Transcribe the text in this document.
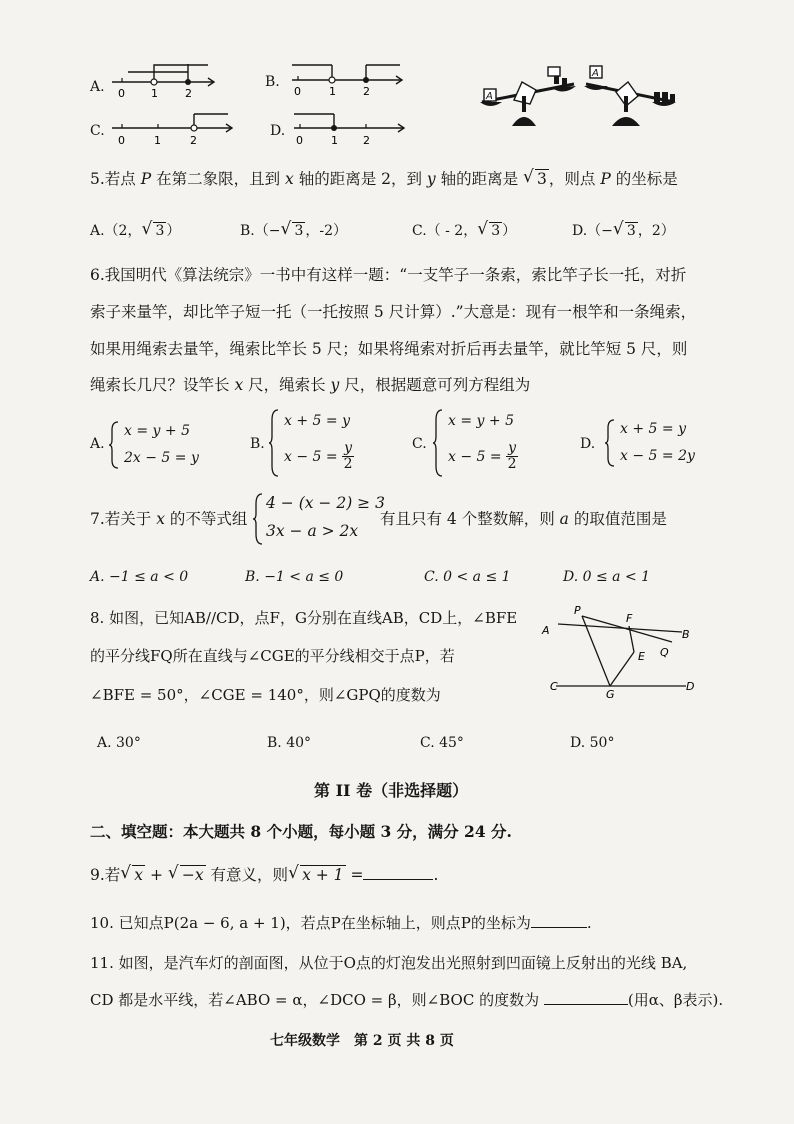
A. 0 1 2
B.
0	1 2
C.
0	1	2
D.
0	1 2
A
A
5.若点 P 在第二象限，且到 x 轴的距离是 2，到 y 轴的距离是 √ 3 ，则点 P 的坐标是
A.（2， √ 3 ）	B.（− √ 3 ，-2）	C.（ - 2， √ 3 ）	D.（− √ 3 ，2）
6.我国明代《算法统宗》一书中有这样一题：“一支竿子一条索，索比竿子长一托，对折
索子来量竿，却比竿子短一托（一托按照 5 尺计算）.”大意是：现有一根竿和一条绳索，
如果用绳索去量竿，绳索比竿长 5 尺；如果将绳索对折后再去量竿，就比竿短 5 尺，则
绳索长几尺？设竿长 x 尺，绳索长 y 尺，根据题意可列方程组为
A.
x = y + 5
2x − 5 = y
B.
x + 5 = y
$x - 5 = \frac{y}{2}$	C.
x = y + 5
$x - 5 = \frac{y}{2}$	D.
x + 5 = y
x − 5 = 2y
7.若关于 x 的不等式组
4 − (x − 2) ≥ 3
3x − a > 2x
有且只有 4 个整数解，则 a 的取值范围是
A. −1 ≤ a < 0	B. −1 < a ≤ 0	C. 0 < a ≤ 1	D. 0 ≤ a < 1
8. 如图，已知AB//CD，点F，G分别在直线AB，CD上，∠BFE
的平分线FQ所在直线与∠CGE的平分线相交于点P，若
∠BFE = 50°，∠CGE = 140°，则∠GPQ的度数为
P
A
F
B
E Q
C
G
D
A. 30°	B. 40°	C. 45°	D. 50°
第 II 卷（非选择题）
二、填空题：本大题共 8 个小题，每小题 3 分，满分 24 分.
9.若 √ x + √ −x 有意义，则 √ x + 1 =	.
10. 已知点P(2a − 6, a + 1)，若点P在坐标轴上，则点P的坐标为	.
11. 如图，是汽车灯的剖面图，从位于O点的灯泡发出光照射到凹面镜上反射出的光线 BA,
CD 都是水平线，若∠ABO = α，∠DCO = β，则∠BOC 的度数为	(用α、β表示).
七年级数学　第 2 页 共 8 页
